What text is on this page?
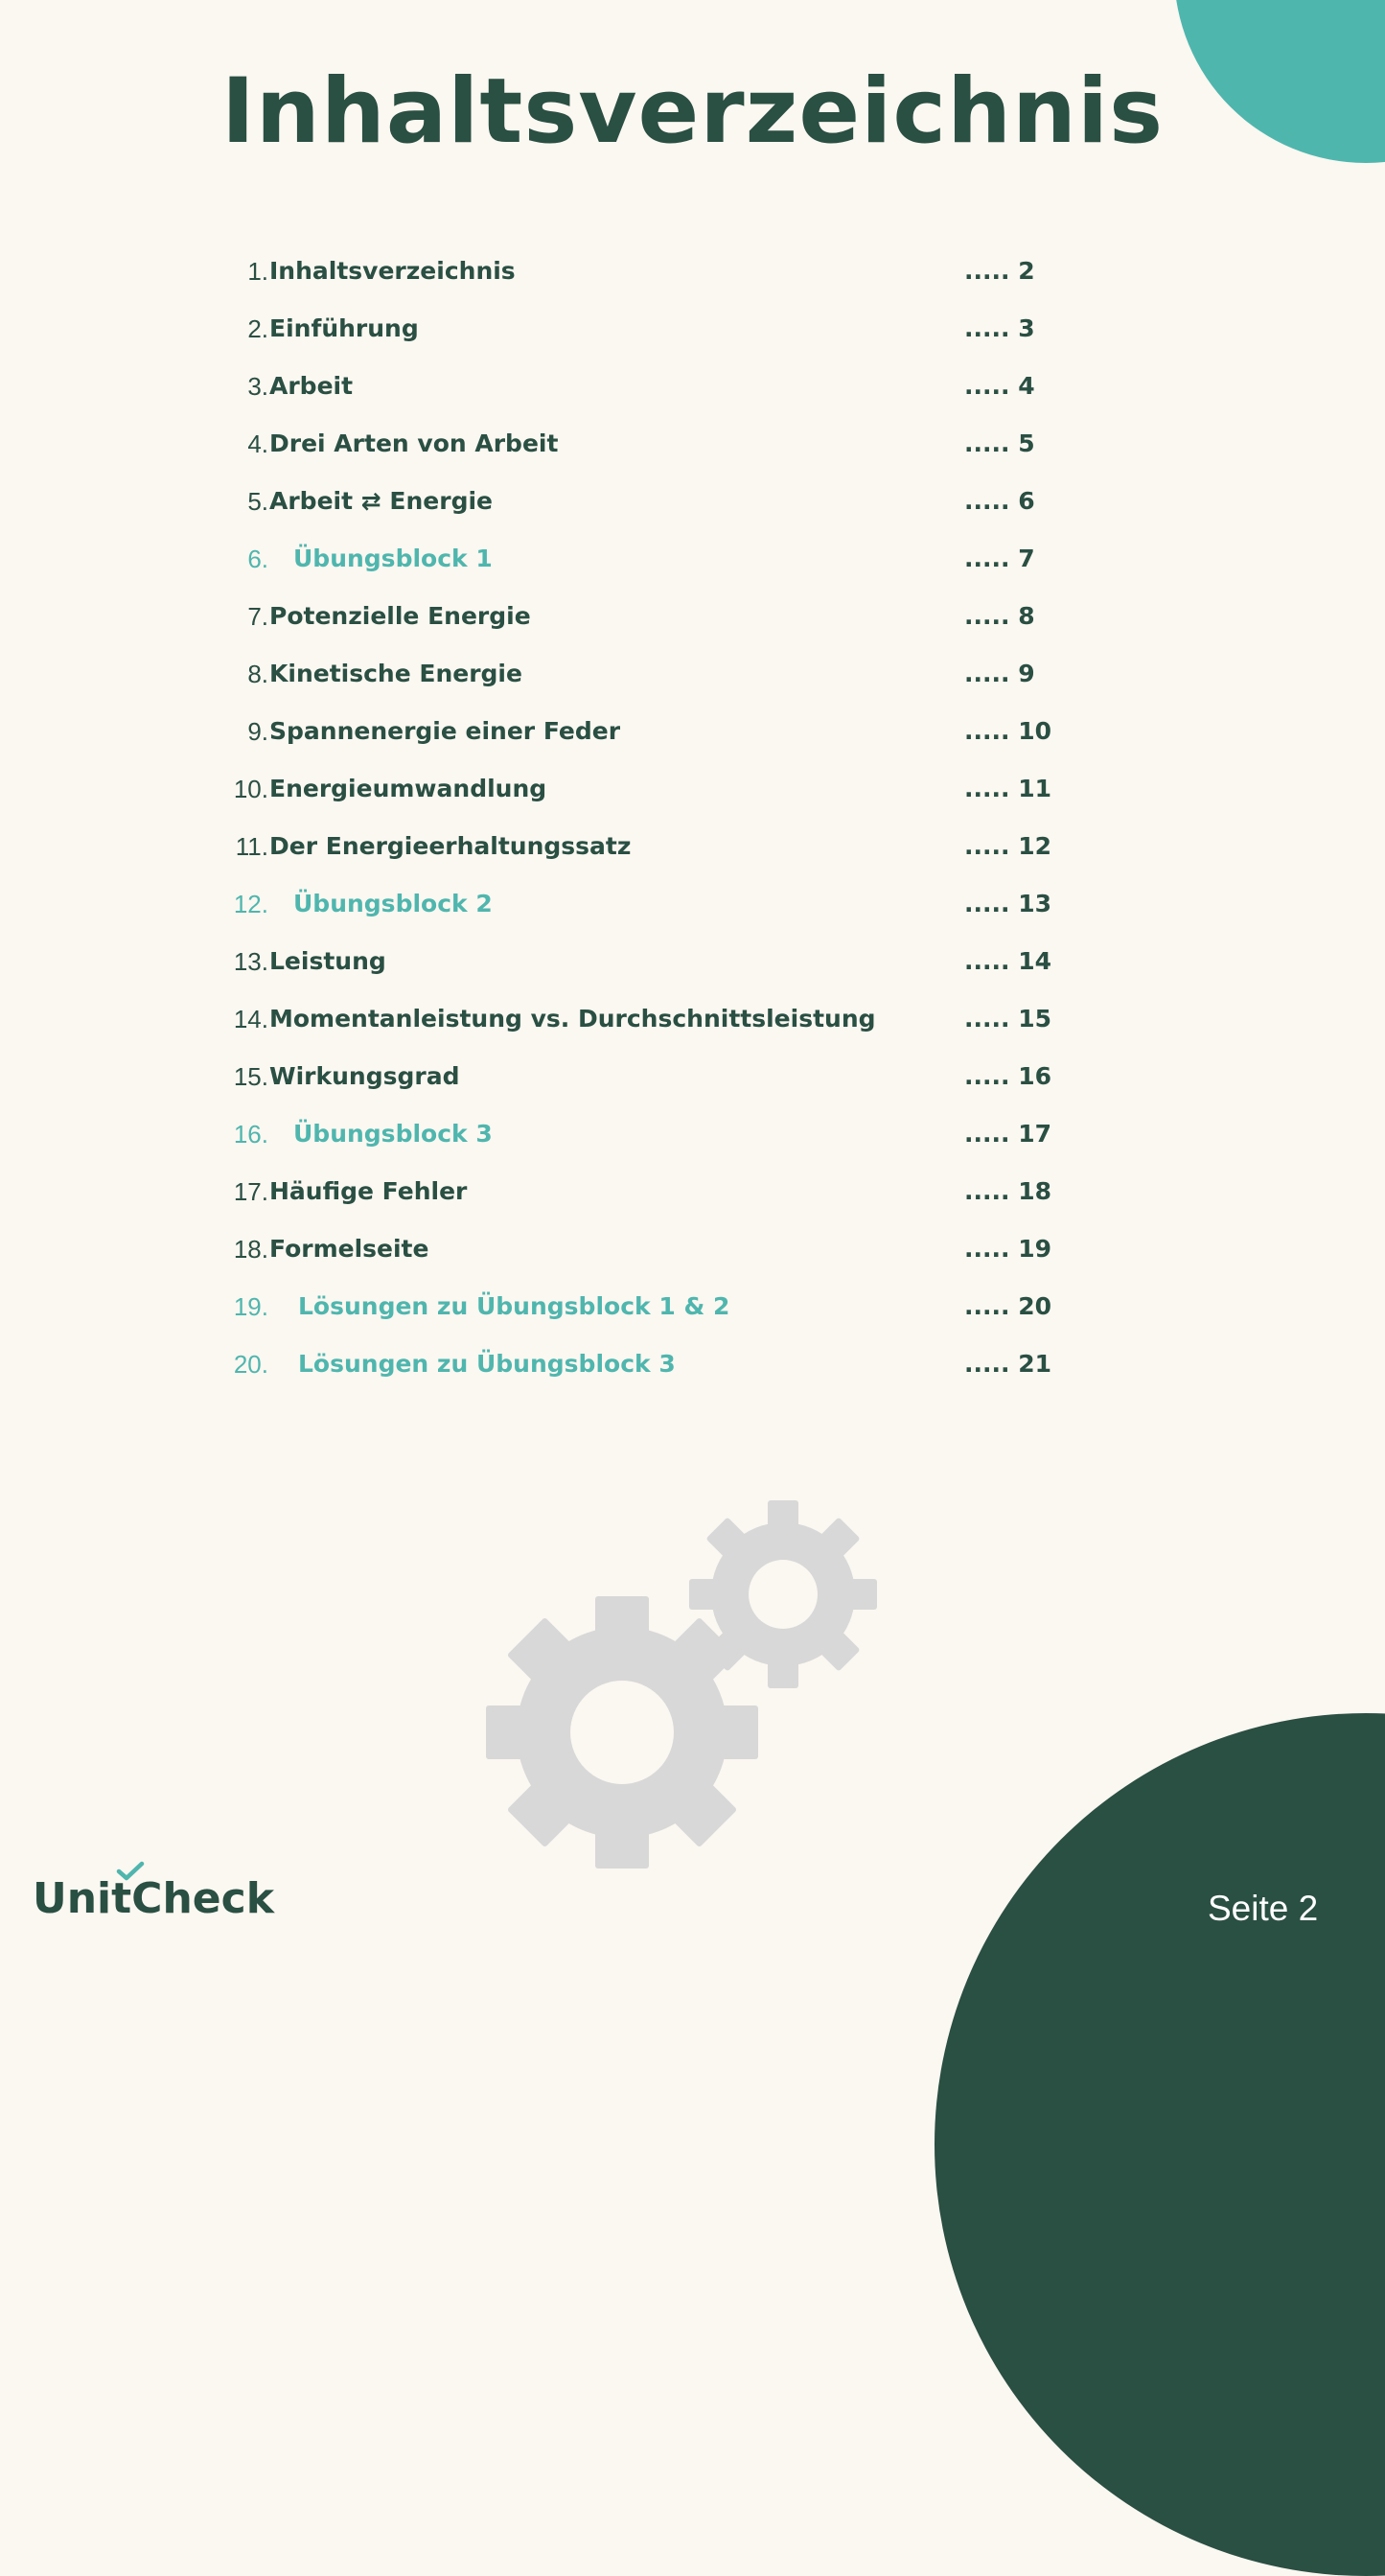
Inhaltsverzeichnis
1. Inhaltsverzeichnis	..... 2
2. Einführung	..... 3
3. Arbeit	..... 4
4. Drei Arten von Arbeit	..... 5
5. Arbeit ⇄ Energie	..... 6
6. Übungsblock 1	..... 7
7. Potenzielle Energie	..... 8
8. Kinetische Energie	..... 9
9. Spannenergie einer Feder	..... 10
10. Energieumwandlung	..... 11
11. Der Energieerhaltungssatz	..... 12
12. Übungsblock 2	..... 13
13. Leistung	..... 14
14. Momentanleistung vs. Durchschnittsleistung	..... 15
15. Wirkungsgrad	..... 16
16. Übungsblock 3	..... 17
17. Häufige Fehler	..... 18
18. Formelseite	..... 19
19. Lösungen zu Übungsblock 1 & 2	..... 20
20. Lösungen zu Übungsblock 3	..... 21
Unit
Check	Seite 2
